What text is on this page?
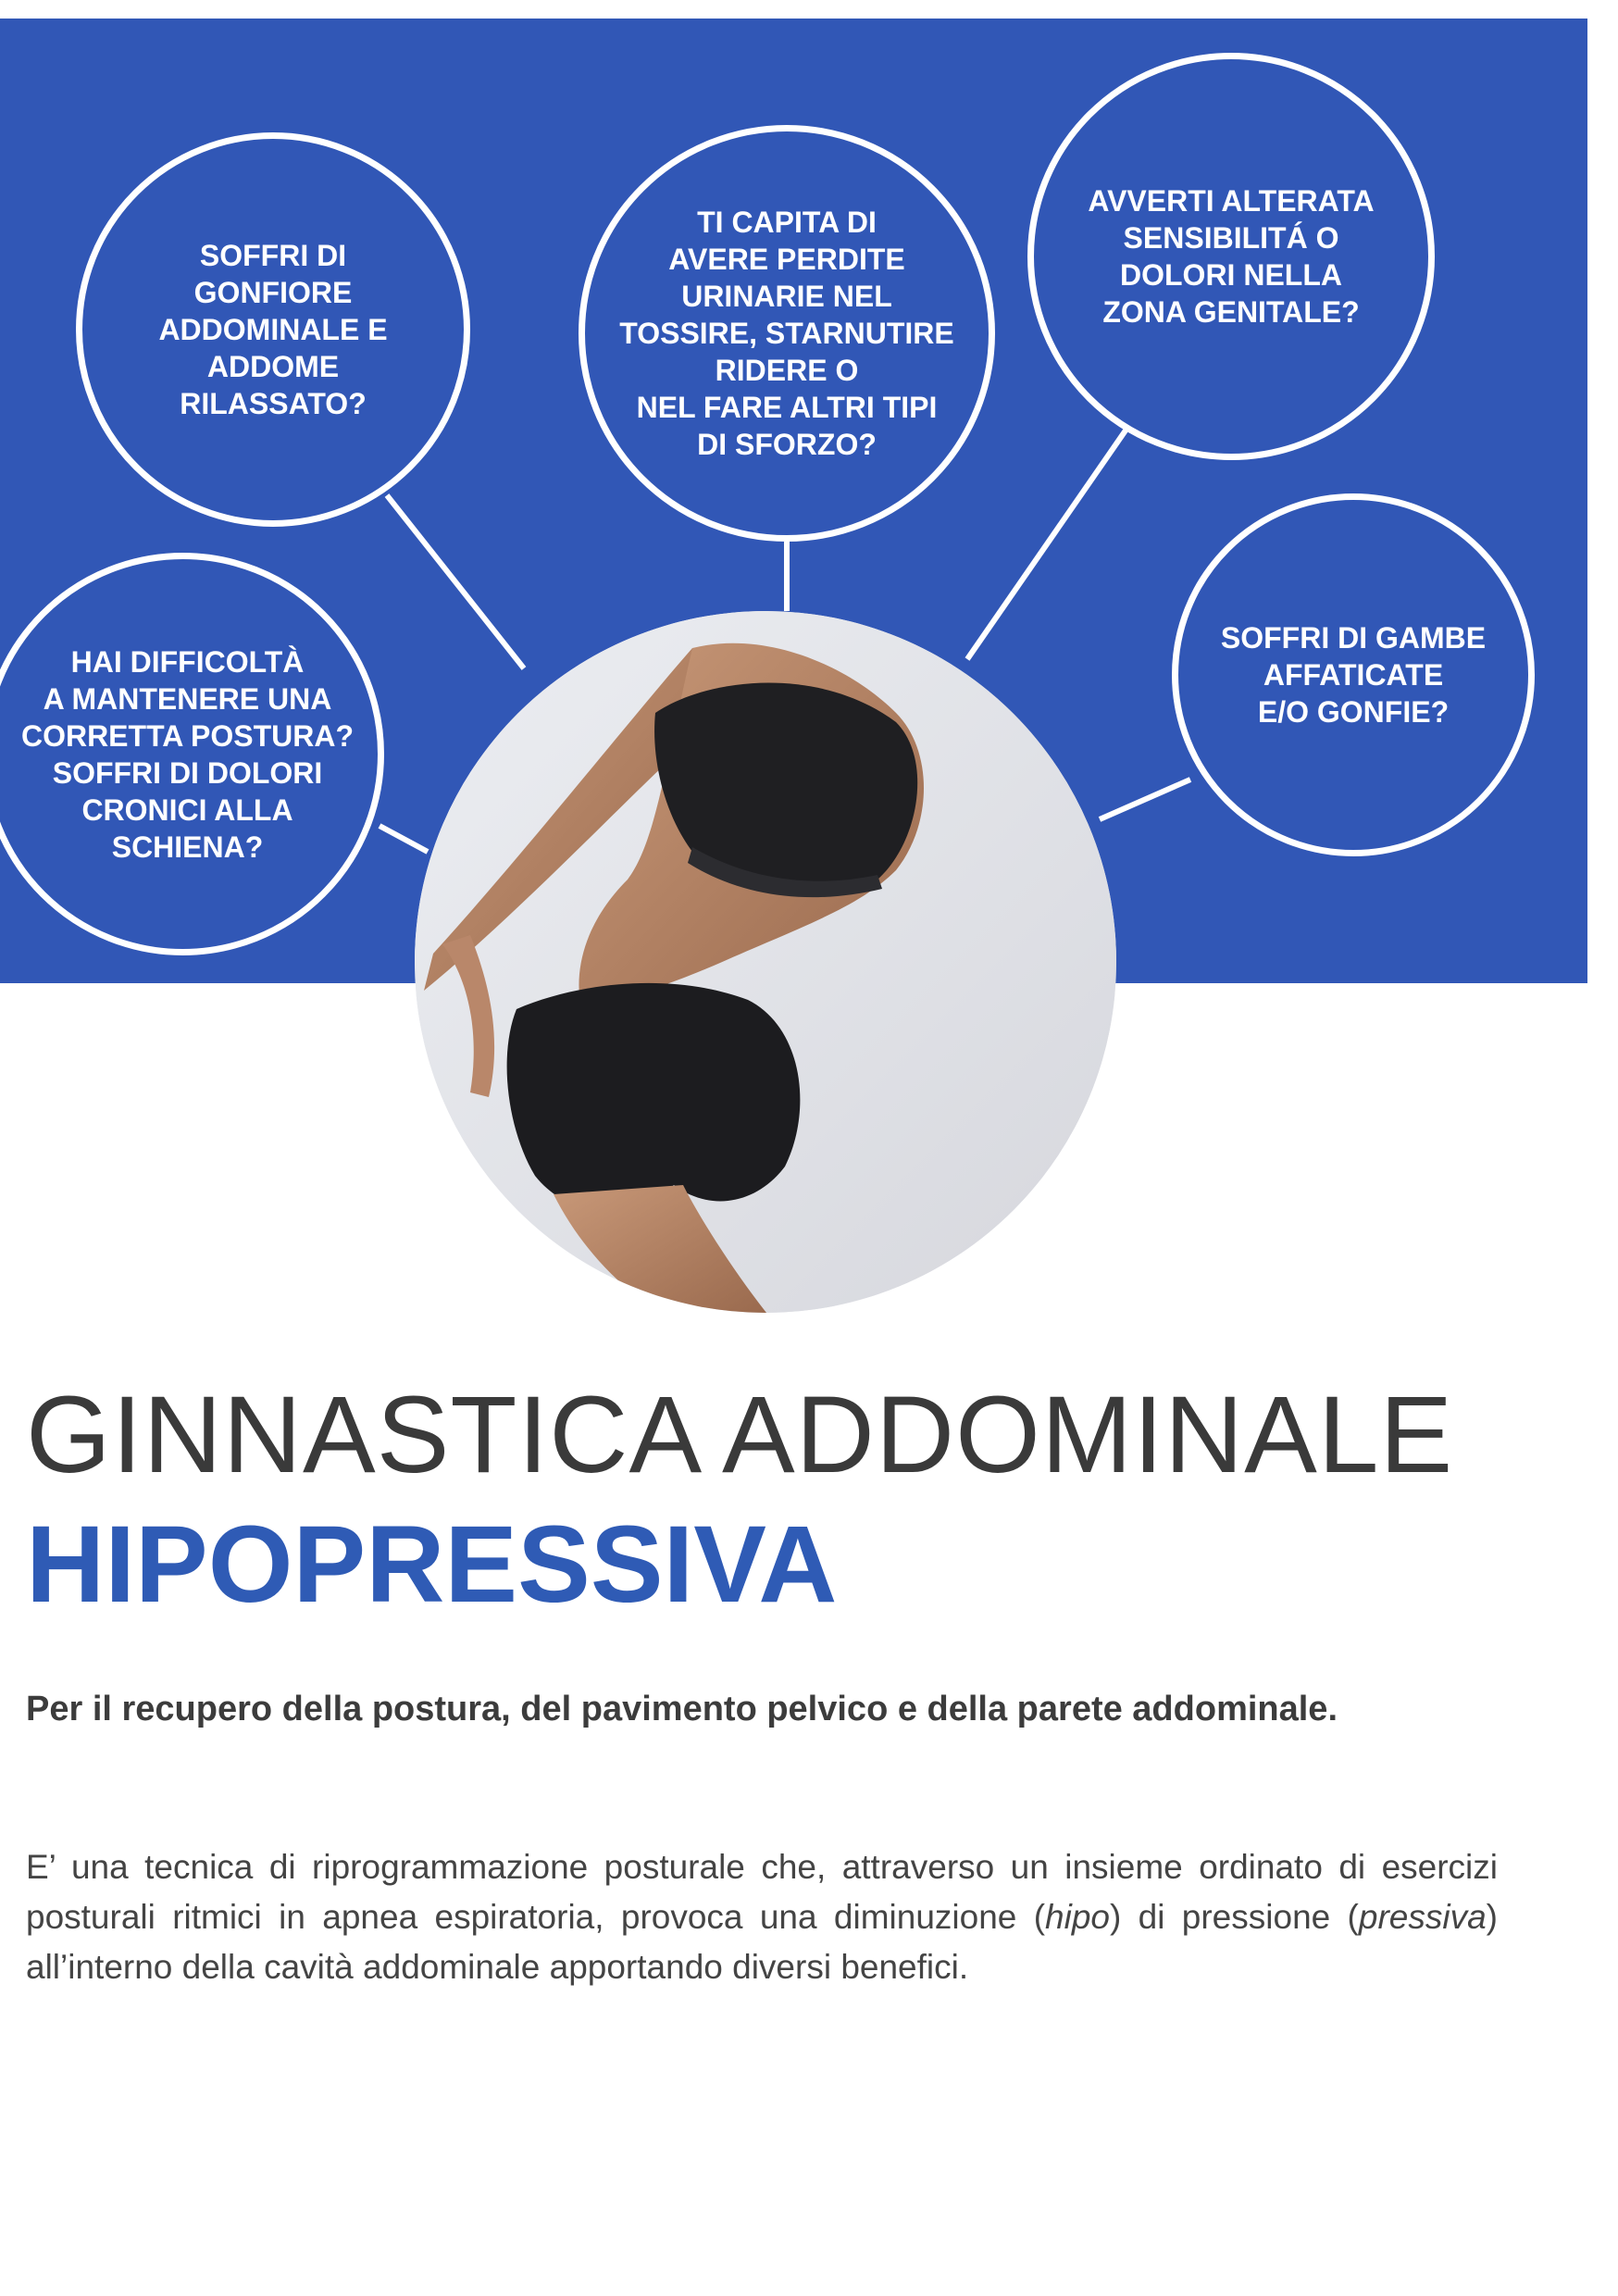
SOFFRI DI
GONFIORE
ADDOMINALE E
ADDOME
RILASSATO?
TI CAPITA DI
AVERE PERDITE
URINARIE NEL
TOSSIRE, STARNUTIRE
RIDERE O
NEL FARE ALTRI TIPI
DI SFORZO?
AVVERTI ALTERATA
SENSIBILITÁ O
DOLORI NELLA
ZONA GENITALE?
HAI DIFFICOLTÀ
A MANTENERE UNA
CORRETTA POSTURA?
SOFFRI DI DOLORI
CRONICI ALLA
SCHIENA?
SOFFRI DI GAMBE
AFFATICATE
E/O GONFIE?
GINNASTICA ADDOMINALE
HIPOPRESSIVA

Per il recupero della postura, del pavimento pelvico e della parete addominale.

E’ una tecnica di riprogrammazione posturale che, attraverso un insieme ordinato di esercizi posturali ritmici in apnea espiratoria, provoca una diminuzione (hipo) di pressione (pressiva) all’interno della cavità addominale apportando diversi benefici.
